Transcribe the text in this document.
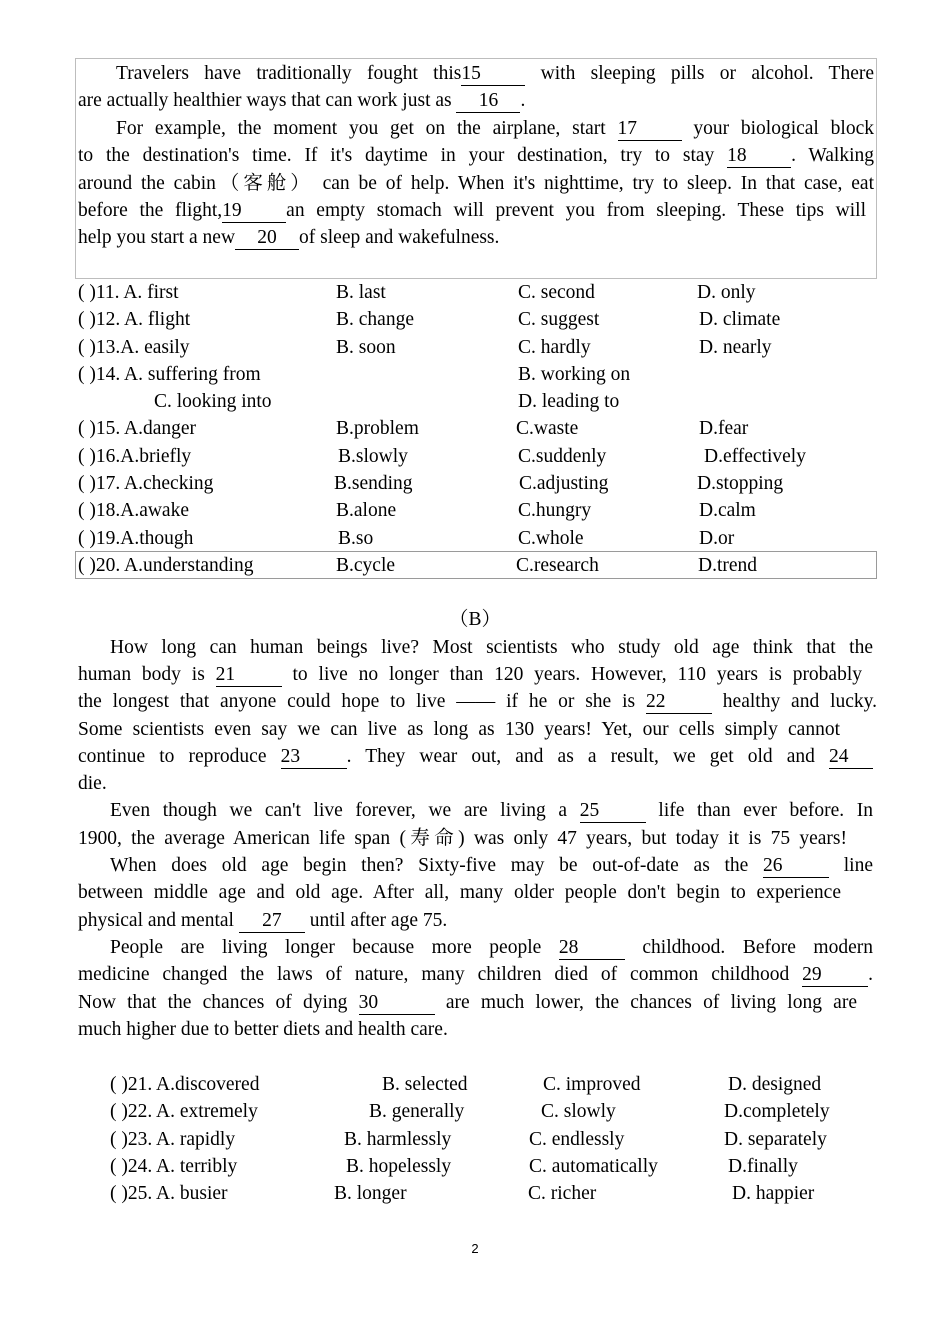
Travelers have traditionally fought this15	with sleeping pills or alcohol. There
are actually healthier ways that can work just as 16 .
For example, the moment you get on the airplane, start 17	your biological block
to the destination's time. If it's daytime in your destination, try to stay 18 . Walking
around the cabin（客舱） can be of help. When it's nighttime, try to sleep. In that case, eat
before the flight,19 an empty stomach will prevent you from sleeping. These tips will
help you start a new 20 of sleep and wakefulness.
( )11. A. first	B. last	C. second	D. only
( )12. A. flight	B. change	C. suggest	D. climate
( )13.A. easily	B. soon	C. hardly	D. nearly
( )14. A. suffering from	B. working on
C. looking into	D. leading to
( )15. A.danger	B.problem	C.waste	D.fear
( )16.A.briefly	B.slowly	C.suddenly	D.effectively
( )17. A.checking	B.sending	C.adjusting	D.stopping
( )18.A.awake	B.alone	C.hungry	D.calm
( )19.A.though	B.so	C.whole	D.or
( )20. A.understanding	B.cycle	C.research	D.trend
（B）
How long can human beings live? Most scientists who study old age think that the
human body is 21	to live no longer than 120 years. However, 110 years is probably
the longest that anyone could hope to live —— if he or she is 22	healthy and lucky.
Some scientists even say we can live as long as 130 years! Yet, our cells simply cannot
continue to reproduce 23 . They wear out, and as a result, we get old and 24
die.
Even though we can't live forever, we are living a 25	life than ever before. In
1900, the average American life span (寿命) was only 47 years, but today it is 75 years!
When does old age begin then? Sixty-five may be out-of-date as the 26	line
between middle age and old age. After all, many older people don't begin to experience
physical and mental 27 until after age 75.
People are living longer because more people 28	childhood. Before modern
medicine changed the laws of nature, many children died of common childhood 29 .
Now that the chances of dying 30	are much lower, the chances of living long are
much higher due to better diets and health care.
( )21. A.discovered	B. selected	C. improved	D. designed
( )22. A. extremely	B. generally	C. slowly	D.completely
( )23. A. rapidly	B. harmlessly	C. endlessly	D. separately
( )24. A. terribly	B. hopelessly	C. automatically	D.finally
( )25. A. busier	B. longer	C. richer	D. happier
2
